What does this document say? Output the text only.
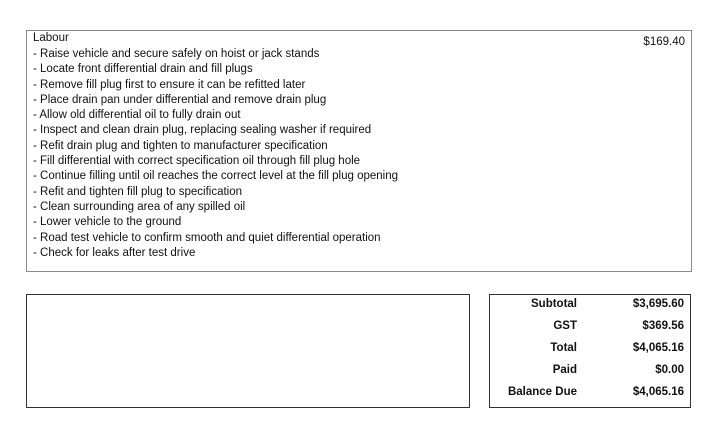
Labour	$169.40
- Raise vehicle and secure safely on hoist or jack stands
- Locate front differential drain and fill plugs
- Remove fill plug first to ensure it can be refitted later
- Place drain pan under differential and remove drain plug
- Allow old differential oil to fully drain out
- Inspect and clean drain plug, replacing sealing washer if required
- Refit drain plug and tighten to manufacturer specification
- Fill differential with correct specification oil through fill plug hole
- Continue filling until oil reaches the correct level at the fill plug opening
- Refit and tighten fill plug to specification
- Clean surrounding area of any spilled oil
- Lower vehicle to the ground
- Road test vehicle to confirm smooth and quiet differential operation
- Check for leaks after test drive
Subtotal	$3,695.60
GST	$369.56
Total	$4,065.16
Paid	$0.00
Balance Due	$4,065.16
